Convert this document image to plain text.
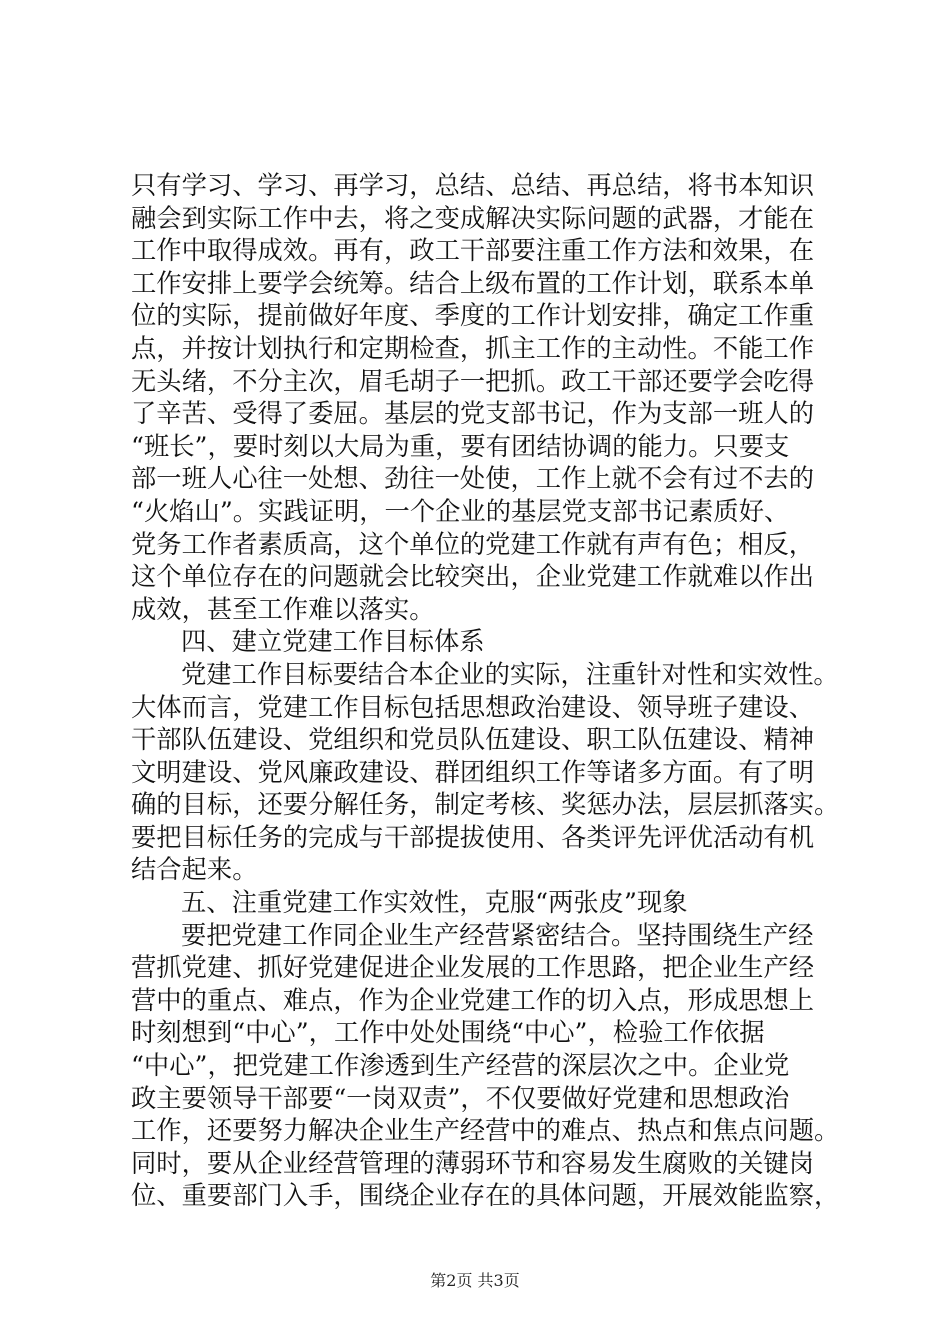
只有学习、学习、再学习，总结、总结、再总结，将书本知识
融会到实际工作中去，将之变成解决实际问题的武器，才能在
工作中取得成效。再有，政工干部要注重工作方法和效果，在
工作安排上要学会统筹。结合上级布置的工作计划，联系本单
位的实际，提前做好年度、季度的工作计划安排，确定工作重
点，并按计划执行和定期检查，抓主工作的主动性。不能工作
无头绪，不分主次，眉毛胡子一把抓。政工干部还要学会吃得
了辛苦、受得了委屈。基层的党支部书记，作为支部一班人的
“班长”，要时刻以大局为重，要有团结协调的能力。只要支
部一班人心往一处想、劲往一处使，工作上就不会有过不去的
“火焰山”。实践证明，一个企业的基层党支部书记素质好、
党务工作者素质高，这个单位的党建工作就有声有色；相反，
这个单位存在的问题就会比较突出，企业党建工作就难以作出
成效，甚至工作难以落实。
四、建立党建工作目标体系
党建工作目标要结合本企业的实际，注重针对性和实效性。
大体而言，党建工作目标包括思想政治建设、领导班子建设、
干部队伍建设、党组织和党员队伍建设、职工队伍建设、精神
文明建设、党风廉政建设、群团组织工作等诸多方面。有了明
确的目标，还要分解任务，制定考核、奖惩办法，层层抓落实。
要把目标任务的完成与干部提拔使用、各类评先评优活动有机
结合起来。
五、注重党建工作实效性，克服“两张皮”现象
要把党建工作同企业生产经营紧密结合。坚持围绕生产经
营抓党建、抓好党建促进企业发展的工作思路，把企业生产经
营中的重点、难点，作为企业党建工作的切入点，形成思想上
时刻想到“中心”，工作中处处围绕“中心”，检验工作依据
“中心”，把党建工作渗透到生产经营的深层次之中。企业党
政主要领导干部要“一岗双责”，不仅要做好党建和思想政治
工作，还要努力解决企业生产经营中的难点、热点和焦点问题。
同时，要从企业经营管理的薄弱环节和容易发生腐败的关键岗
位、重要部门入手，围绕企业存在的具体问题，开展效能监察，
第2页 共3页
